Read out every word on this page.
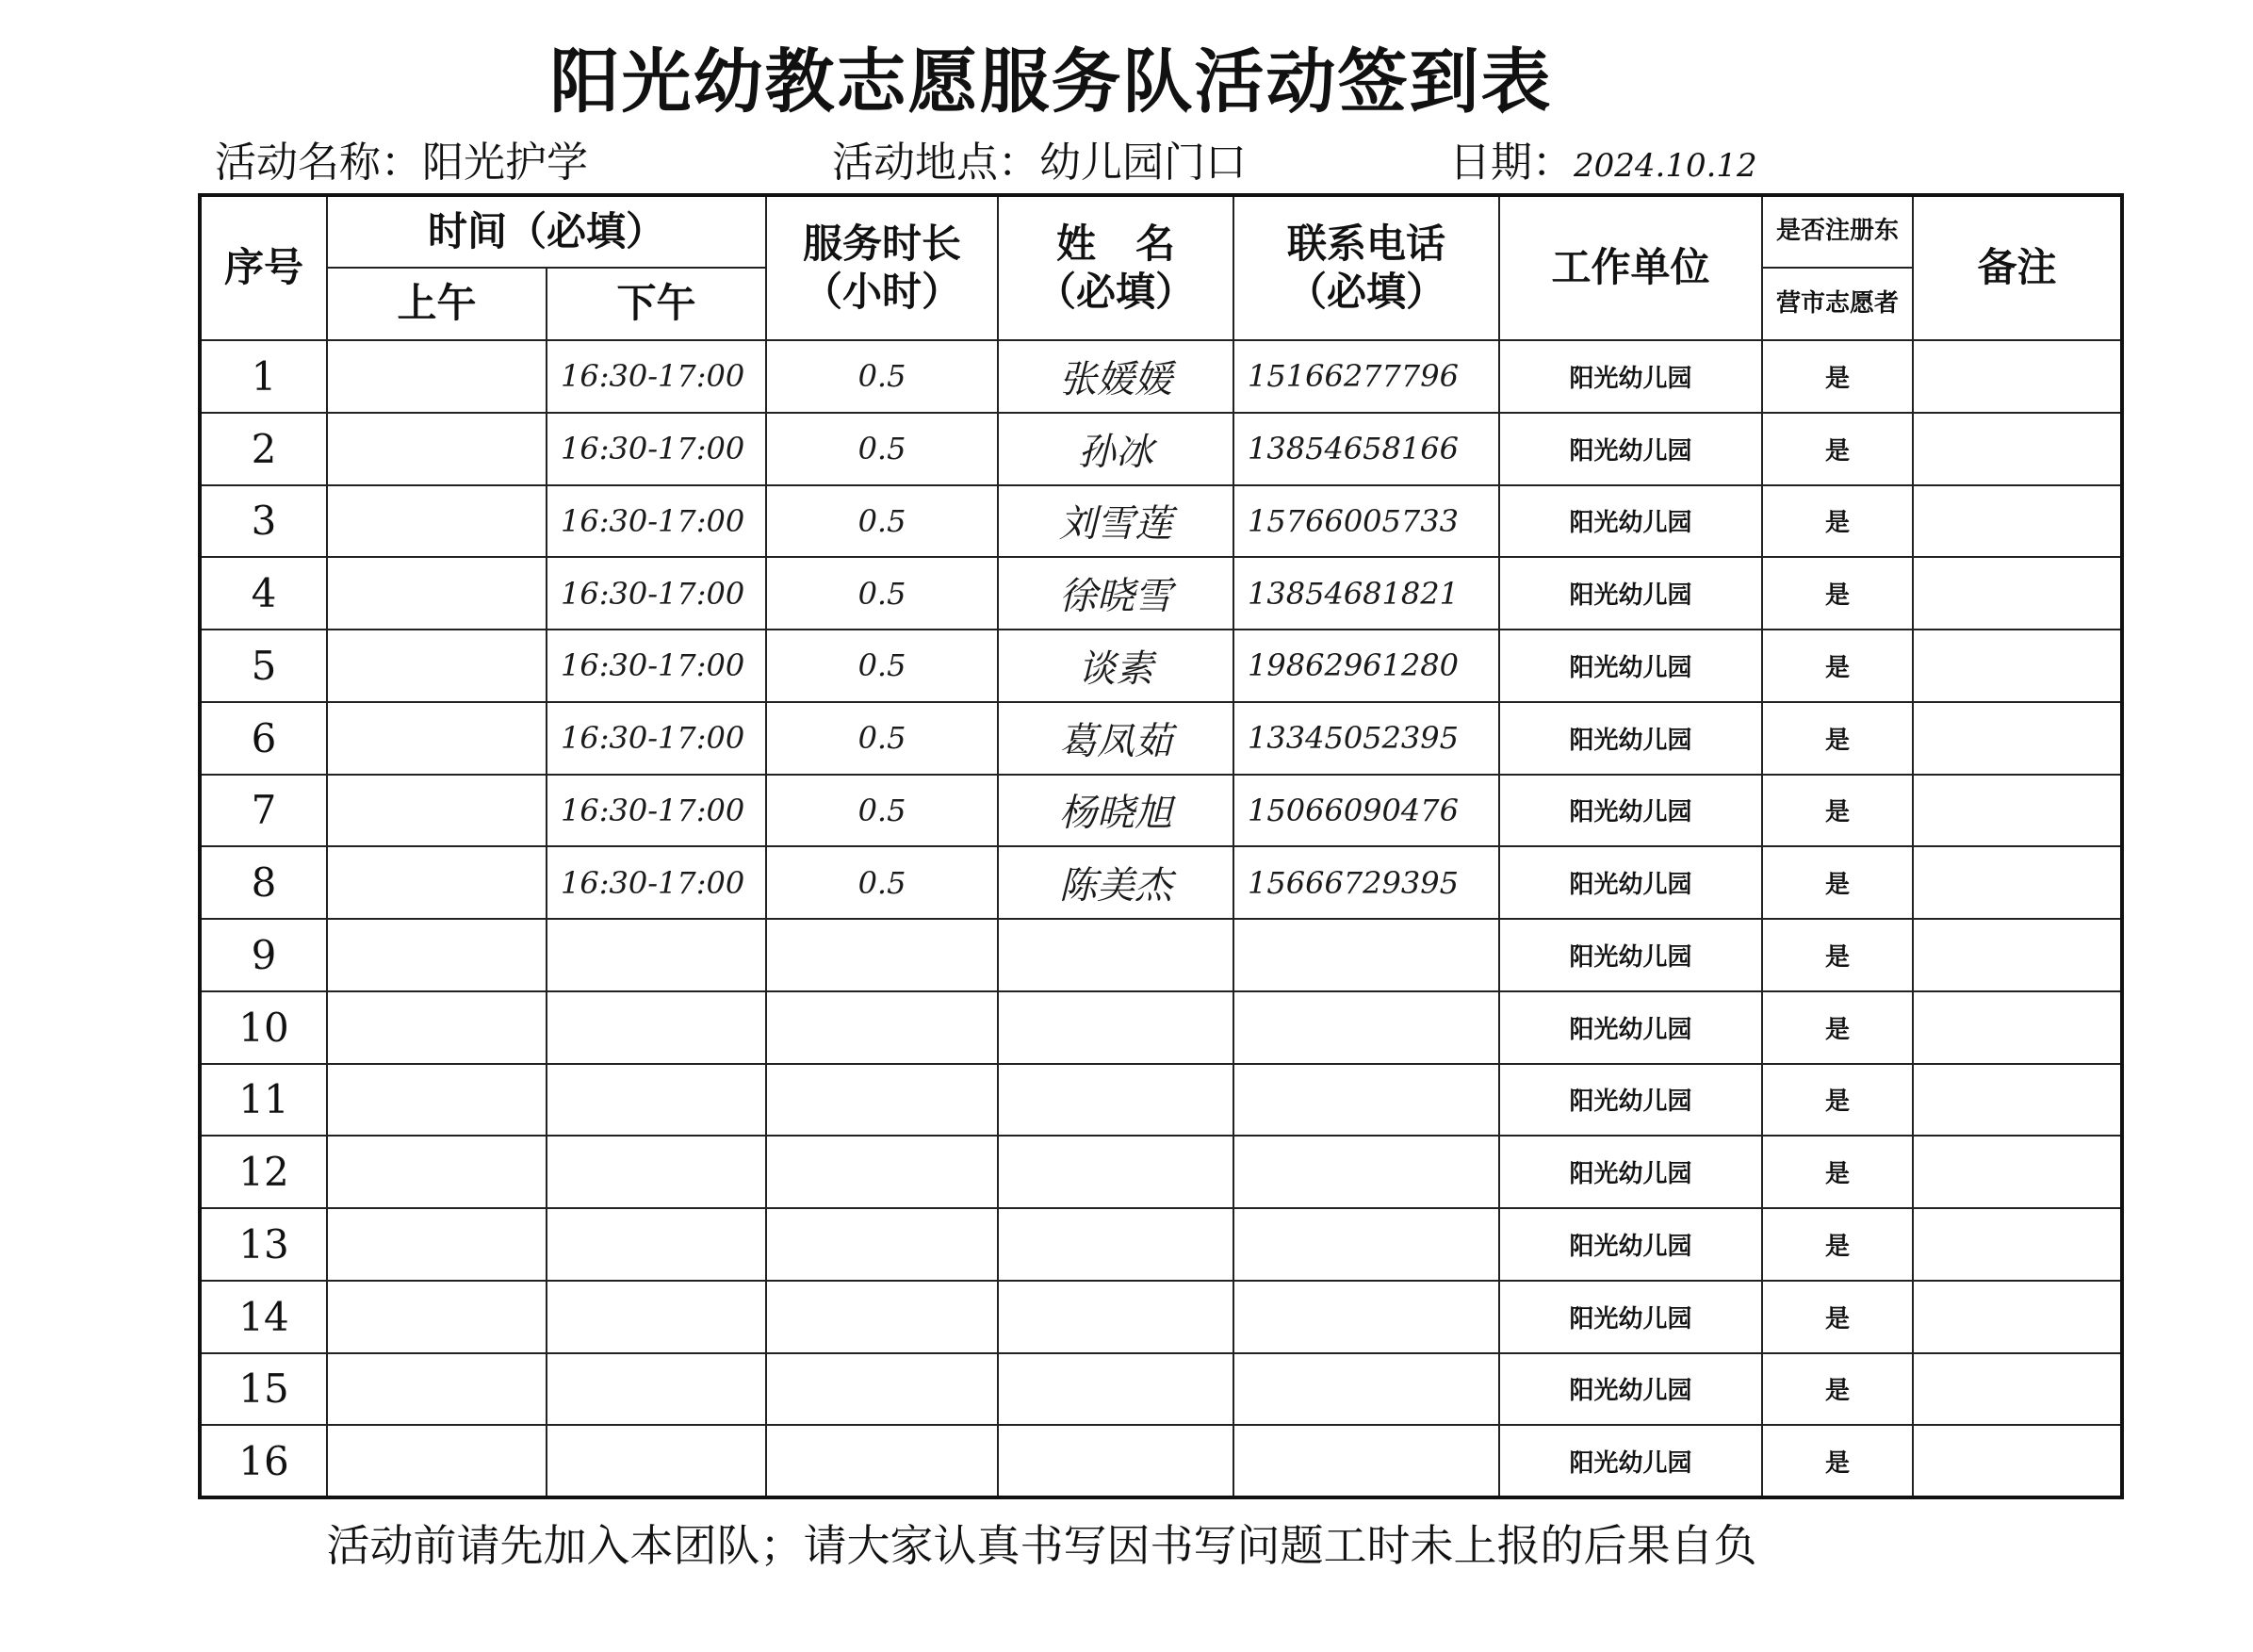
阳光幼教志愿服务队活动签到表
活动名称：阳光护学	活动地点：幼儿园门口	日期：2024.10.12
序号	时间（必填）		服务时长（小时）	姓　名（必填）	联系电话（必填）	工作单位	是否注册东	备注
	上午	下午					营市志愿者	
1		16:30-17:00	0.5	张媛媛	15166277796	阳光幼儿园	是	
2		16:30-17:00	0.5	孙冰	13854658166	阳光幼儿园	是	
3		16:30-17:00	0.5	刘雪莲	15766005733	阳光幼儿园	是	
4		16:30-17:00	0.5	徐晓雪	13854681821	阳光幼儿园	是	
5		16:30-17:00	0.5	谈素	19862961280	阳光幼儿园	是	
6		16:30-17:00	0.5	葛凤茹	13345052395	阳光幼儿园	是	
7		16:30-17:00	0.5	杨晓旭	15066090476	阳光幼儿园	是	
8		16:30-17:00	0.5	陈美杰	15666729395	阳光幼儿园	是	
9						阳光幼儿园	是	
10						阳光幼儿园	是	
11						阳光幼儿园	是	
12						阳光幼儿园	是	
13						阳光幼儿园	是	
14						阳光幼儿园	是	
15						阳光幼儿园	是	
16						阳光幼儿园	是	
活动前请先加入本团队；请大家认真书写因书写问题工时未上报的后果自负
